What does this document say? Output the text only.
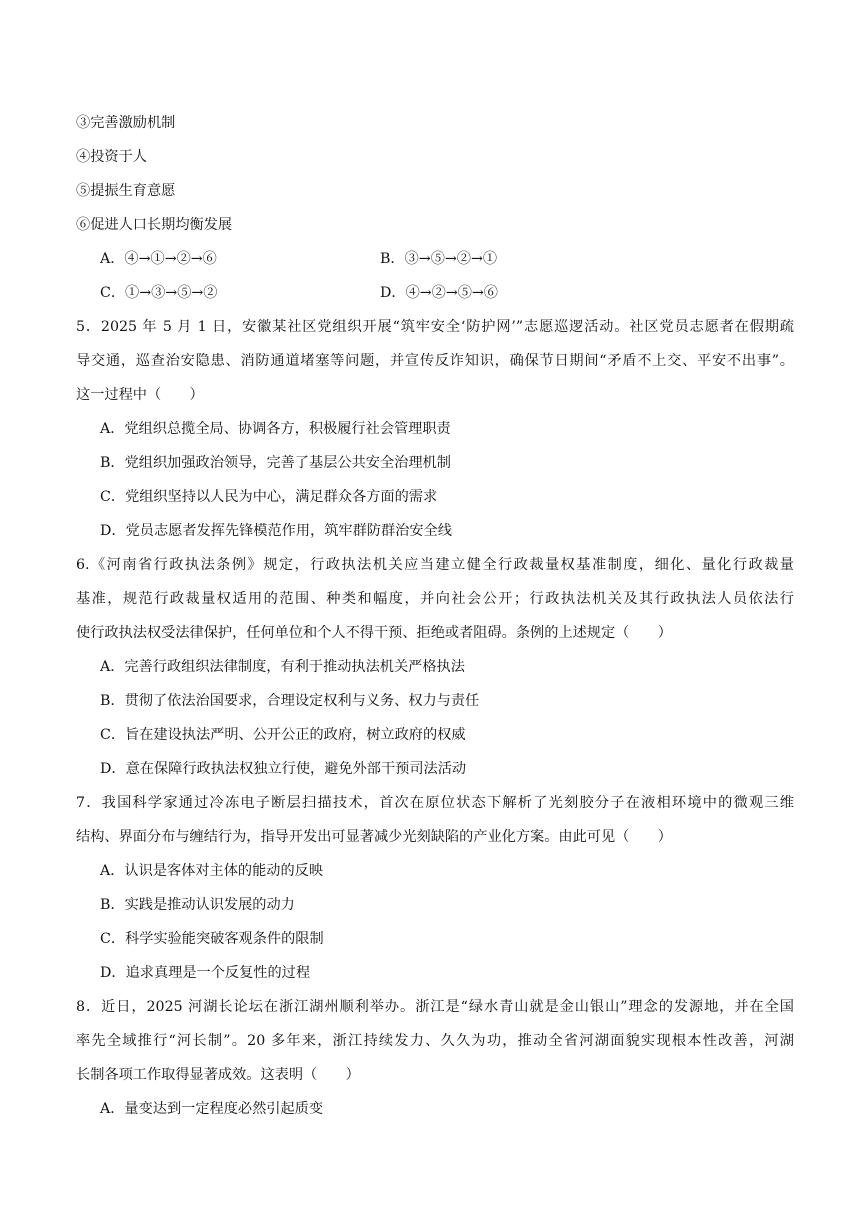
③完善激励机制
④投资于人
⑤提振生育意愿
⑥促进人口长期均衡发展
A．④→①→②→⑥	B．③→⑤→②→①
C．①→③→⑤→②	D．④→②→⑤→⑥
5．2025 年 5 月 1 日，安徽某社区党组织开展“筑牢安全‘防护网’”志愿巡逻活动。社区党员志愿者在假期疏
导交通，巡查治安隐患、消防通道堵塞等问题，并宣传反诈知识，确保节日期间“矛盾不上交、平安不出事”。
这一过程中（　　）
A．党组织总揽全局、协调各方，积极履行社会管理职责
B．党组织加强政治领导，完善了基层公共安全治理机制
C．党组织坚持以人民为中心，满足群众各方面的需求
D．党员志愿者发挥先锋模范作用，筑牢群防群治安全线
6.《河南省行政执法条例》规定，行政执法机关应当建立健全行政裁量权基准制度，细化、量化行政裁量
基准，规范行政裁量权适用的范围、种类和幅度，并向社会公开；行政执法机关及其行政执法人员依法行
使行政执法权受法律保护，任何单位和个人不得干预、拒绝或者阻碍。条例的上述规定（　　）
A．完善行政组织法律制度，有利于推动执法机关严格执法
B．贯彻了依法治国要求，合理设定权利与义务、权力与责任
C．旨在建设执法严明、公开公正的政府，树立政府的权威
D．意在保障行政执法权独立行使，避免外部干预司法活动
7．我国科学家通过冷冻电子断层扫描技术，首次在原位状态下解析了光刻胶分子在液相环境中的微观三维
结构、界面分布与缠结行为，指导开发出可显著减少光刻缺陷的产业化方案。由此可见（　　）
A．认识是客体对主体的能动的反映
B．实践是推动认识发展的动力
C．科学实验能突破客观条件的限制
D．追求真理是一个反复性的过程
8．近日，2025 河湖长论坛在浙江湖州顺利举办。浙江是“绿水青山就是金山银山”理念的发源地，并在全国
率先全域推行“河长制”。20 多年来，浙江持续发力、久久为功，推动全省河湖面貌实现根本性改善，河湖
长制各项工作取得显著成效。这表明（　　）
A．量变达到一定程度必然引起质变
